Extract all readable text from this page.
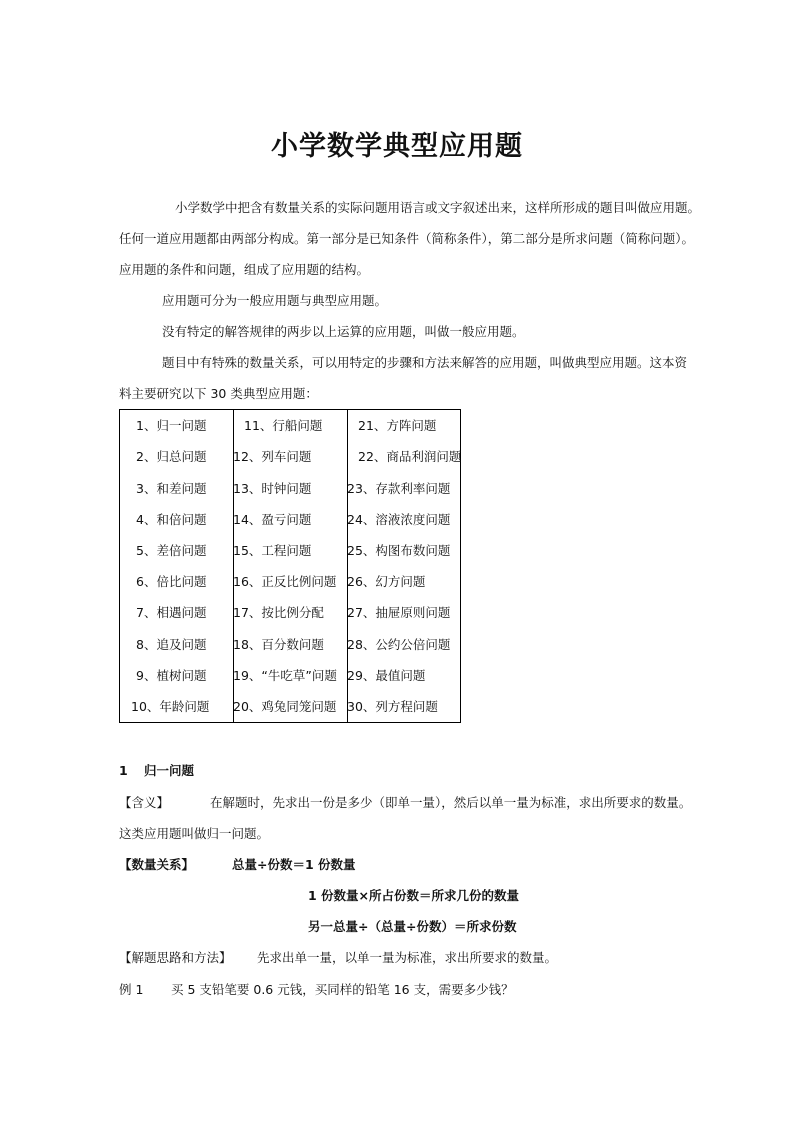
小学数学典型应用题
小学数学中把含有数量关系的实际问题用语言或文字叙述出来，这样所形成的题目叫做应用题。
任何一道应用题都由两部分构成。第一部分是已知条件（简称条件），第二部分是所求问题（简称问题）。
应用题的条件和问题，组成了应用题的结构。
应用题可分为一般应用题与典型应用题。
没有特定的解答规律的两步以上运算的应用题，叫做一般应用题。
题目中有特殊的数量关系，可以用特定的步骤和方法来解答的应用题，叫做典型应用题。这本资
料主要研究以下 30 类典型应用题：
1、归一问题
2、归总问题
3、和差问题
4、和倍问题
5、差倍问题
6、倍比问题
7、相遇问题
8、追及问题
9、植树问题
10、年龄问题
11、行船问题
12、列车问题
13、时钟问题
14、盈亏问题
15、工程问题
16、正反比例问题
17、按比例分配
18、百分数问题
19、“牛吃草”问题
20、鸡兔同笼问题
21、方阵问题
22、商品利润问题
23、存款利率问题
24、溶液浓度问题
25、构图布数问题
26、幻方问题
27、抽屉原则问题
28、公约公倍问题
29、最值问题
30、列方程问题
1 归一问题
【含义】	在解题时，先求出一份是多少（即单一量），然后以单一量为标准，求出所要求的数量。
这类应用题叫做归一问题。
【数量关系】	总量÷份数＝1 份数量
1 份数量×所占份数＝所求几份的数量
另一总量÷（总量÷份数）＝所求份数
【解题思路和方法】 先求出单一量，以单一量为标准，求出所要求的数量。
例 1 买 5 支铅笔要 0.6 元钱，买同样的铅笔 16 支，需要多少钱？
